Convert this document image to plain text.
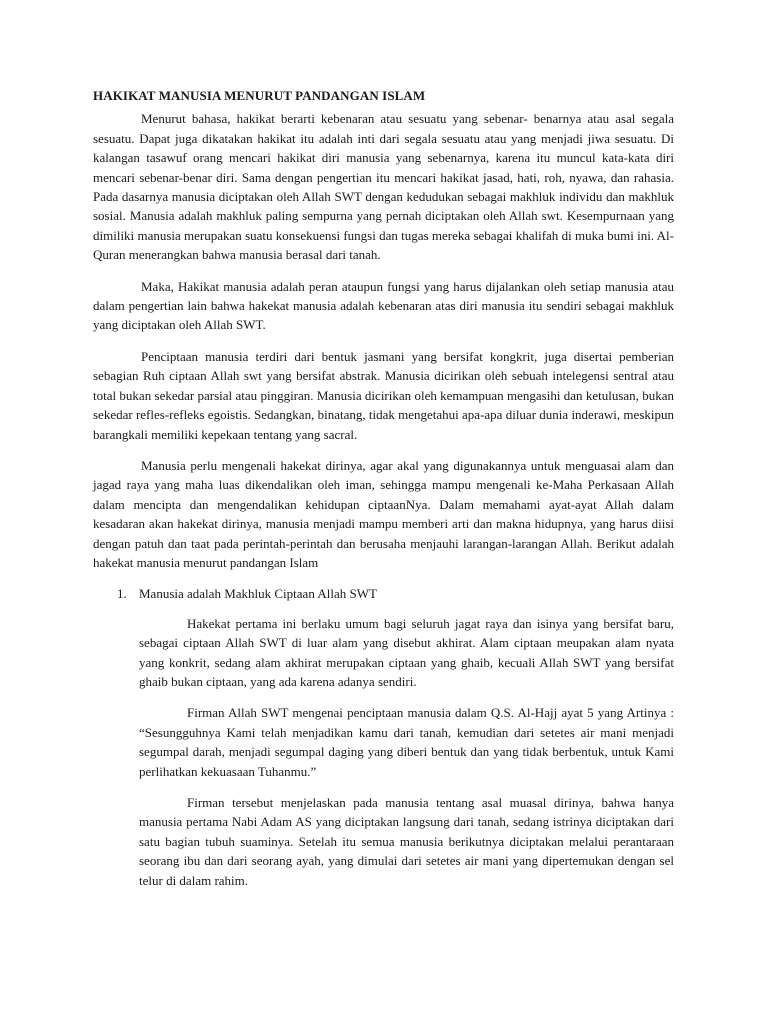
HAKIKAT MANUSIA MENURUT PANDANGAN ISLAM

Menurut bahasa, hakikat berarti kebenaran atau sesuatu yang sebenar- benarnya atau asal segala sesuatu. Dapat juga dikatakan hakikat itu adalah inti dari segala sesuatu atau yang menjadi jiwa sesuatu. Di kalangan tasawuf orang mencari hakikat diri manusia yang sebenarnya, karena itu muncul kata-kata diri mencari sebenar-benar diri. Sama dengan pengertian itu mencari hakikat jasad, hati, roh, nyawa, dan rahasia. Pada dasarnya manusia diciptakan oleh Allah SWT dengan kedudukan sebagai makhluk individu dan makhluk sosial. Manusia adalah makhluk paling sempurna yang pernah diciptakan oleh Allah swt. Kesempurnaan yang dimiliki manusia merupakan suatu konsekuensi fungsi dan tugas mereka sebagai khalifah di muka bumi ini. Al-Quran menerangkan bahwa manusia berasal dari tanah.

Maka, Hakikat manusia adalah peran ataupun fungsi yang harus dijalankan oleh setiap manusia atau dalam pengertian lain bahwa hakekat manusia adalah kebenaran atas diri manusia itu sendiri sebagai makhluk yang diciptakan oleh Allah SWT.

Penciptaan manusia terdiri dari bentuk jasmani yang bersifat kongkrit, juga disertai pemberian sebagian Ruh ciptaan Allah swt yang bersifat abstrak. Manusia dicirikan oleh sebuah intelegensi sentral atau total bukan sekedar parsial atau pinggiran. Manusia dicirikan oleh kemampuan mengasihi dan ketulusan, bukan sekedar refles-refleks egoistis. Sedangkan, binatang, tidak mengetahui apa-apa diluar dunia inderawi, meskipun barangkali memiliki kepekaan tentang yang sacral.

Manusia perlu mengenali hakekat dirinya, agar akal yang digunakannya untuk menguasai alam dan jagad raya yang maha luas dikendalikan oleh iman, sehingga mampu mengenali ke-Maha Perkasaan Allah dalam mencipta dan mengendalikan kehidupan ciptaanNya. Dalam memahami ayat-ayat Allah dalam kesadaran akan hakekat dirinya, manusia menjadi mampu memberi arti dan makna hidupnya, yang harus diisi dengan patuh dan taat pada perintah-perintah dan berusaha menjauhi larangan-larangan Allah. Berikut adalah hakekat manusia menurut pandangan Islam

1. Manusia adalah Makhluk Ciptaan Allah SWT

Hakekat pertama ini berlaku umum bagi seluruh jagat raya dan isinya yang bersifat baru, sebagai ciptaan Allah SWT di luar alam yang disebut akhirat. Alam ciptaan meupakan alam nyata yang konkrit, sedang alam akhirat merupakan ciptaan yang ghaib, kecuali Allah SWT yang bersifat ghaib bukan ciptaan, yang ada karena adanya sendiri.

Firman Allah SWT mengenai penciptaan manusia dalam Q.S. Al-Hajj ayat 5 yang Artinya : “Sesungguhnya Kami telah menjadikan kamu dari tanah, kemudian dari setetes air mani menjadi segumpal darah, menjadi segumpal daging yang diberi bentuk dan yang tidak berbentuk, untuk Kami perlihatkan kekuasaan Tuhanmu.”

Firman tersebut menjelaskan pada manusia tentang asal muasal dirinya, bahwa hanya manusia pertama Nabi Adam AS yang diciptakan langsung dari tanah, sedang istrinya diciptakan dari satu bagian tubuh suaminya. Setelah itu semua manusia berikutnya diciptakan melalui perantaraan seorang ibu dan dari seorang ayah, yang dimulai dari setetes air mani yang dipertemukan dengan sel telur di dalam rahim.
